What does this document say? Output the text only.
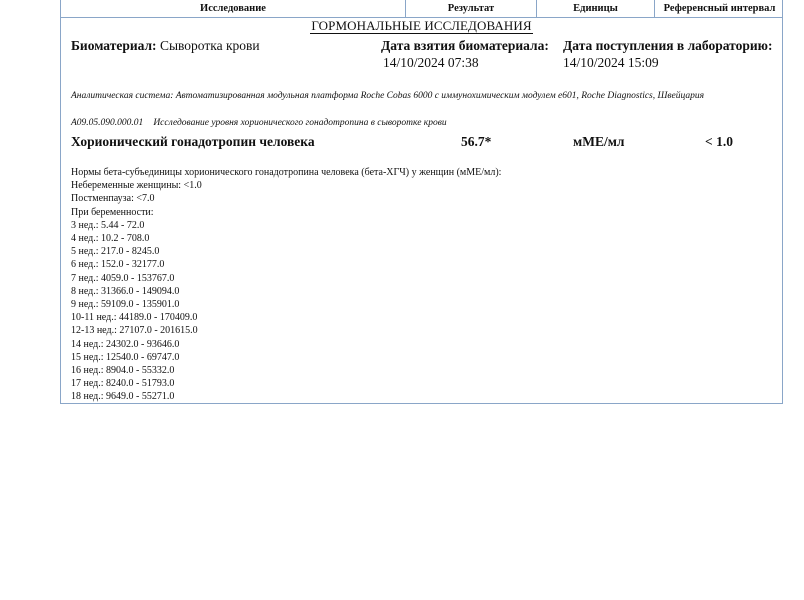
Исследование	Результат	Единицы	Референсный интервал
ГОРМОНАЛЬНЫЕ ИССЛЕДОВАНИЯ
Биоматериал: Сыворотка крови	Дата взятия биоматериала:
14/10/2024 07:38
Дата поступления в лабораторию:
14/10/2024 15:09
Аналитическая система: Автоматизированная модульная платформа Roche Cobas 6000 с иммунохимическим модулем e601, Roche Diagnostics, Швейцария
A09.05.090.000.01 Исследование уровня хорионического гонадотропина в сыворотке крови
Хорионический гонадотропин человека	56.7*	мМЕ/мл	< 1.0
Нормы бета-субъединицы хорионического гонадотропина человека (бета-ХГЧ) у женщин (мМЕ/мл):
Небеременные женщины: <1.0
Постменпауза: <7.0
При беременности:
3 нед.: 5.44 - 72.0
4 нед.: 10.2 - 708.0
5 нед.: 217.0 - 8245.0
6 нед.: 152.0 - 32177.0
7 нед.: 4059.0 - 153767.0
8 нед.: 31366.0 - 149094.0
9 нед.: 59109.0 - 135901.0
10-11 нед.: 44189.0 - 170409.0
12-13 нед.: 27107.0 - 201615.0
14 нед.: 24302.0 - 93646.0
15 нед.: 12540.0 - 69747.0
16 нед.: 8904.0 - 55332.0
17 нед.: 8240.0 - 51793.0
18 нед.: 9649.0 - 55271.0
